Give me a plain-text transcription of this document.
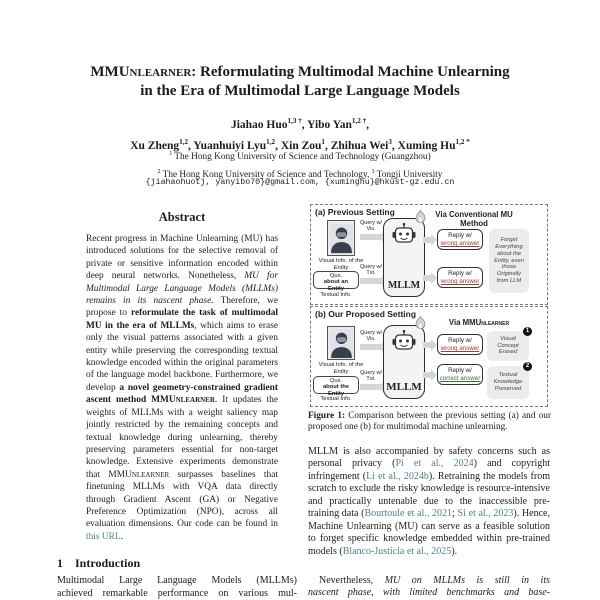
MMUnlearner: Reformulating Multimodal Machine Unlearning
in the Era of Multimodal Large Language Models
Jiahao Huo$^{1,3 \dagger}$, Yibo Yan$^{1,2 \dagger}$,
Xu Zheng$^{1,2}$, Yuanhuiyi Lyu$^{1,2}$, Xin Zou$^1$, Zhihua Wei$^3$, Xuming $Hu^{1,2 *}$
$^1$ The Hong Kong University of Science and Technology (Guangzhou)
$^2$ The Hong Kong University of Science and Technology, $^3$ Tongji University
{jiahaohuotj, yanyibo70}@gmail.com, {xuminghu}@hkust-gz.edu.cn
Abstract
Recent progress in Machine Unlearning (MU) has introduced solutions for the selective removal of private or sensitive information encoded within deep neural networks. Nonetheless, MU for Multimodal Large Language Models (MLLMs) remains in its nascent phase. Therefore, we propose to reformulate the task of multimodal MU in the era of MLLMs, which aims to erase only the visual patterns associated with a given entity while preserving the corresponding textual knowledge encoded within the original parameters of the language model backbone. Furthermore, we develop a novel geometry-constrained gradient ascent method MMUnlearner. It updates the weights of MLLMs with a weight saliency map jointly restricted by the remaining concepts and textual knowledge during unlearning, thereby preserving parameters essential for non-target knowledge. Extensive experiments demonstrate that MMUnlearner surpasses baselines that finetuning MLLMs with VQA data directly through Gradient Ascent (GA) or Negative Preference Optimization (NPO), across all evaluation dimensions. Our code can be found in this URL.
1 Introduction
Multimodal Large Language Models (MLLMs)
achieved remarkable performance on various mul-
(a) Previous Setting
Visual Info. of the Entity
Qus.
about an Entity
Textual Info.
Query w/ Vis.
Query w/ Txt.
MLLM
Via Conventional MU Method
Reply w/
wrong answer
Reply w/
wrong answer
Forget Everything about the Entity, even those Originally from LLM
(b) Our Proposed Setting
Visual Info. of the Entity
Qus.
about the Entity
Textual Info.
Query w/ Vis.
Query w/ Txt.
MLLM
Via MMUnlearner
Reply w/
wrong answer
Reply w/
correct answer
1
Visual Concept Erased
2
Textual Knowledge Preserved
Figure 1: Comparison between the previous setting (a) and our proposed one (b) for multimodal machine unlearning.
MLLM is also accompanied by safety concerns such as personal privacy (Pi et al., 2024) and copyright infringement (Li et al., 2024b). Retraining the models from scratch to exclude the risky knowledge is resource-intensive and practically untenable due to the inaccessible pre-training data (Bourtoule et al., 2021; Si et al., 2023). Hence, Machine Unlearning (MU) can serve as a feasible solution to forget specific knowledge embedded within pre-trained models (Blanco-Justicia et al., 2025).
Nevertheless, MU on MLLMs is still in its
nascent phase, with limited benchmarks and base-
